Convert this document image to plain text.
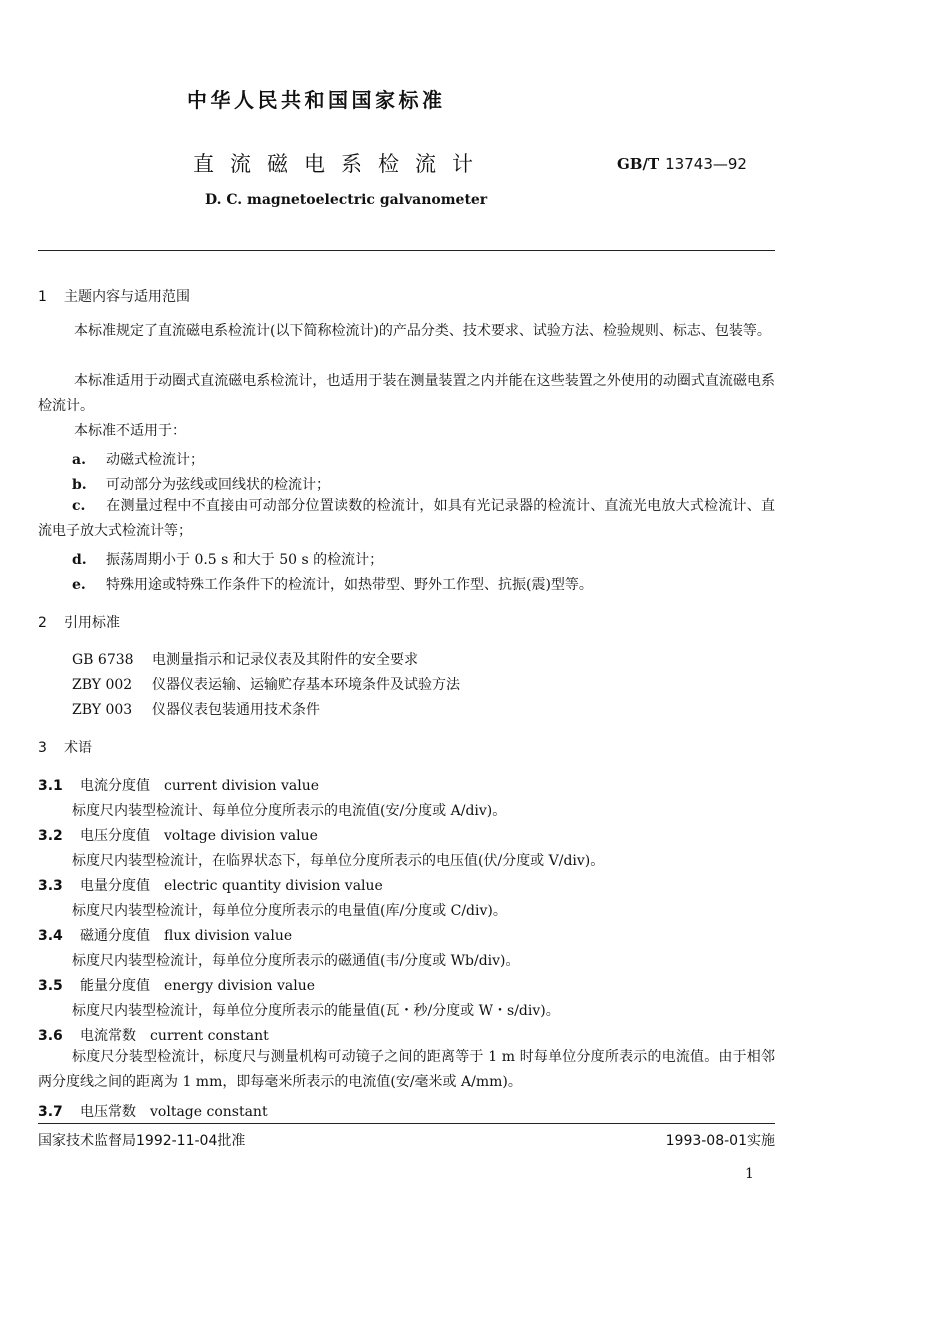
中华人民共和国国家标准
直流磁电系检流计	GB/T 13743—92
D. C. magnetoelectric galvanometer
1 主题内容与适用范围
本标准规定了直流磁电系检流计(以下简称检流计)的产品分类、技术要求、试验方法、检验规则、标志、包装等。
本标准适用于动圈式直流磁电系检流计，也适用于装在测量装置之内并能在这些装置之外使用的动圈式直流磁电系检流计。
本标准不适用于：
a. 动磁式检流计；
b. 可动部分为弦线或回线状的检流计；
c. 在测量过程中不直接由可动部分位置读数的检流计，如具有光记录器的检流计、直流光电放大式检流计、直流电子放大式检流计等；
d. 振荡周期小于 0.5 s 和大于 50 s 的检流计；
e. 特殊用途或特殊工作条件下的检流计，如热带型、野外工作型、抗振(震)型等。
2 引用标准
GB 6738 电测量指示和记录仪表及其附件的安全要求
ZBY 002 仪器仪表运输、运输贮存基本环境条件及试验方法
ZBY 003 仪器仪表包装通用技术条件
3 术语
3.1 电流分度值 current division value
标度尺内装型检流计、每单位分度所表示的电流值(安/分度或 A/div)。
3.2 电压分度值 voltage division value
标度尺内装型检流计，在临界状态下，每单位分度所表示的电压值(伏/分度或 V/div)。
3.3 电量分度值 electric quantity division value
标度尺内装型检流计，每单位分度所表示的电量值(库/分度或 C/div)。
3.4 磁通分度值 flux division value
标度尺内装型检流计，每单位分度所表示的磁通值(韦/分度或 Wb/div)。
3.5 能量分度值 energy division value
标度尺内装型检流计，每单位分度所表示的能量值(瓦・秒/分度或 W・s/div)。
3.6 电流常数 current constant
标度尺分装型检流计，标度尺与测量机构可动镜子之间的距离等于 1 m 时每单位分度所表示的电流值。由于相邻两分度线之间的距离为 1 mm，即每毫米所表示的电流值(安/毫米或 A/mm)。
3.7 电压常数 voltage constant
国家技术监督局1992-11-04批准	1993-08-01实施
1
